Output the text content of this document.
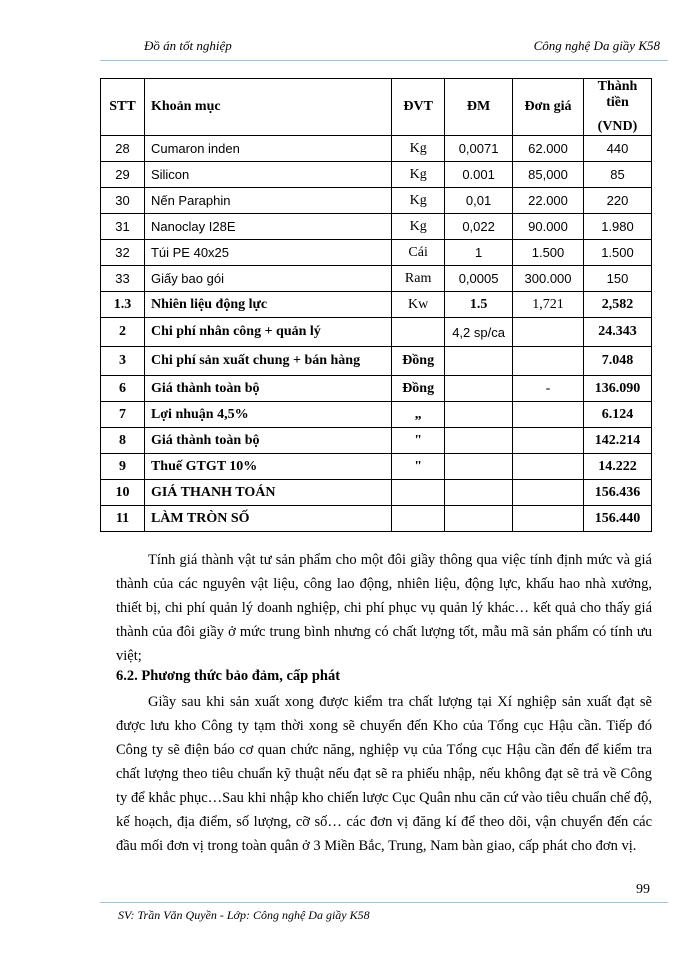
Đồ án tốt nghiệp	Công nghệ Da giầy K58
STT	Khoản mục	ĐVT	ĐM	Đơn giá	Thành tiền
(VND)

28	Cumaron inden	Kg	0,0071	62.000	440
29	Silicon	Kg	0.001	85,000	85
30	Nến Paraphin	Kg	0,01	22.000	220
31	Nanoclay I28E	Kg	0,022	90.000	1.980
32	Túi PE 40x25	Cái	1	1.500	1.500
33	Giấy bao gói	Ram	0,0005	300.000	150
1.3	Nhiên liệu động lực	Kw	1.5	1,721	2,582
2	Chi phí nhân công + quản lý		4,2 sp/ca		24.343
3	Chi phí sản xuất chung + bán hàng	Đồng			7.048
6	Giá thành toàn bộ	Đồng		-	136.090
7	Lợi nhuận 4,5%	„			6.124
8	Giá thành toàn bộ	"			142.214
9	Thuế GTGT 10%	"			14.222
10	GIÁ THANH TOÁN				156.436
11	LÀM TRÒN SỐ				156.440

Tính giá thành vật tư sản phẩm cho một đôi giầy thông qua việc tính định mức và giá thành của các nguyên vật liệu, công lao động, nhiên liệu, động lực, khấu hao nhà xưởng, thiết bị, chi phí quản lý doanh nghiệp, chi phí phục vụ quản lý khác… kết quả cho thấy giá thành của đôi giầy ở mức trung bình nhưng có chất lượng tốt, mẫu mã sản phẩm có tính ưu việt;

6.2. Phương thức bảo đảm, cấp phát

Giầy sau khi sản xuất xong được kiểm tra chất lượng tại Xí nghiệp sản xuất đạt sẽ được lưu kho Công ty tạm thời xong sẽ chuyển đến Kho của Tổng cục Hậu cần. Tiếp đó Công ty sẽ điện báo cơ quan chức năng, nghiệp vụ của Tổng cục Hậu cần đến để kiểm tra chất lượng theo tiêu chuẩn kỹ thuật nếu đạt sẽ ra phiếu nhập, nếu không đạt sẽ trả về Công ty để khắc phục…Sau khi nhập kho chiến lược Cục Quân nhu căn cứ vào tiêu chuẩn chế độ, kế hoạch, địa điểm, số lượng, cỡ số… các đơn vị đăng kí để theo dõi, vận chuyển đến các đầu mối đơn vị trong toàn quân ở 3 Miền Bắc, Trung, Nam bàn giao, cấp phát cho đơn vị.

99
SV: Trần Văn Quyền - Lớp: Công nghệ Da giầy K58
